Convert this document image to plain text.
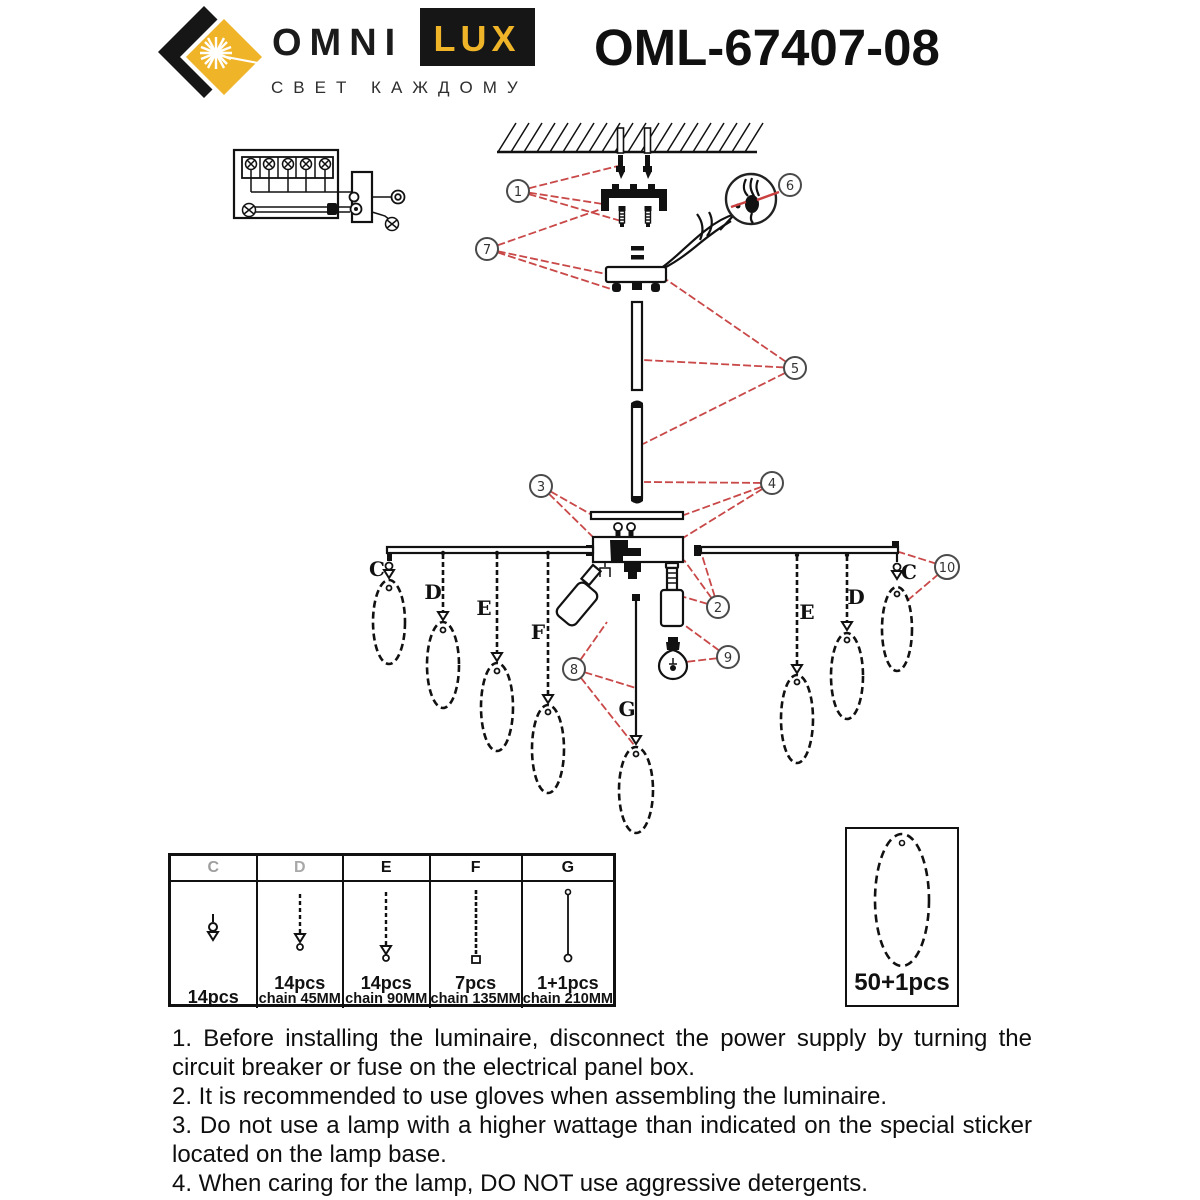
OMNI LUX
СВЕТ КАЖДОМУ
OML-67407-08
C
D
E
F
G
E
D
C
1
2
3	4
5
6
7
8
9
10
C
14pcs
D
14pcs
chain 45MM
E
14pcs
chain 90MM
F
7pcs
chain 135MM
G
1+1pcs
chain 210MM
50+1pcs

1. Before installing the luminaire, disconnect the power supply by turning the circuit breaker or fuse on the electrical panel box.

2. It is recommended to use gloves when assembling the luminaire.

3. Do not use a lamp with a higher wattage than indicated on the special sticker located on the lamp base.

4. When caring for the lamp, DO NOT use aggressive detergents.
